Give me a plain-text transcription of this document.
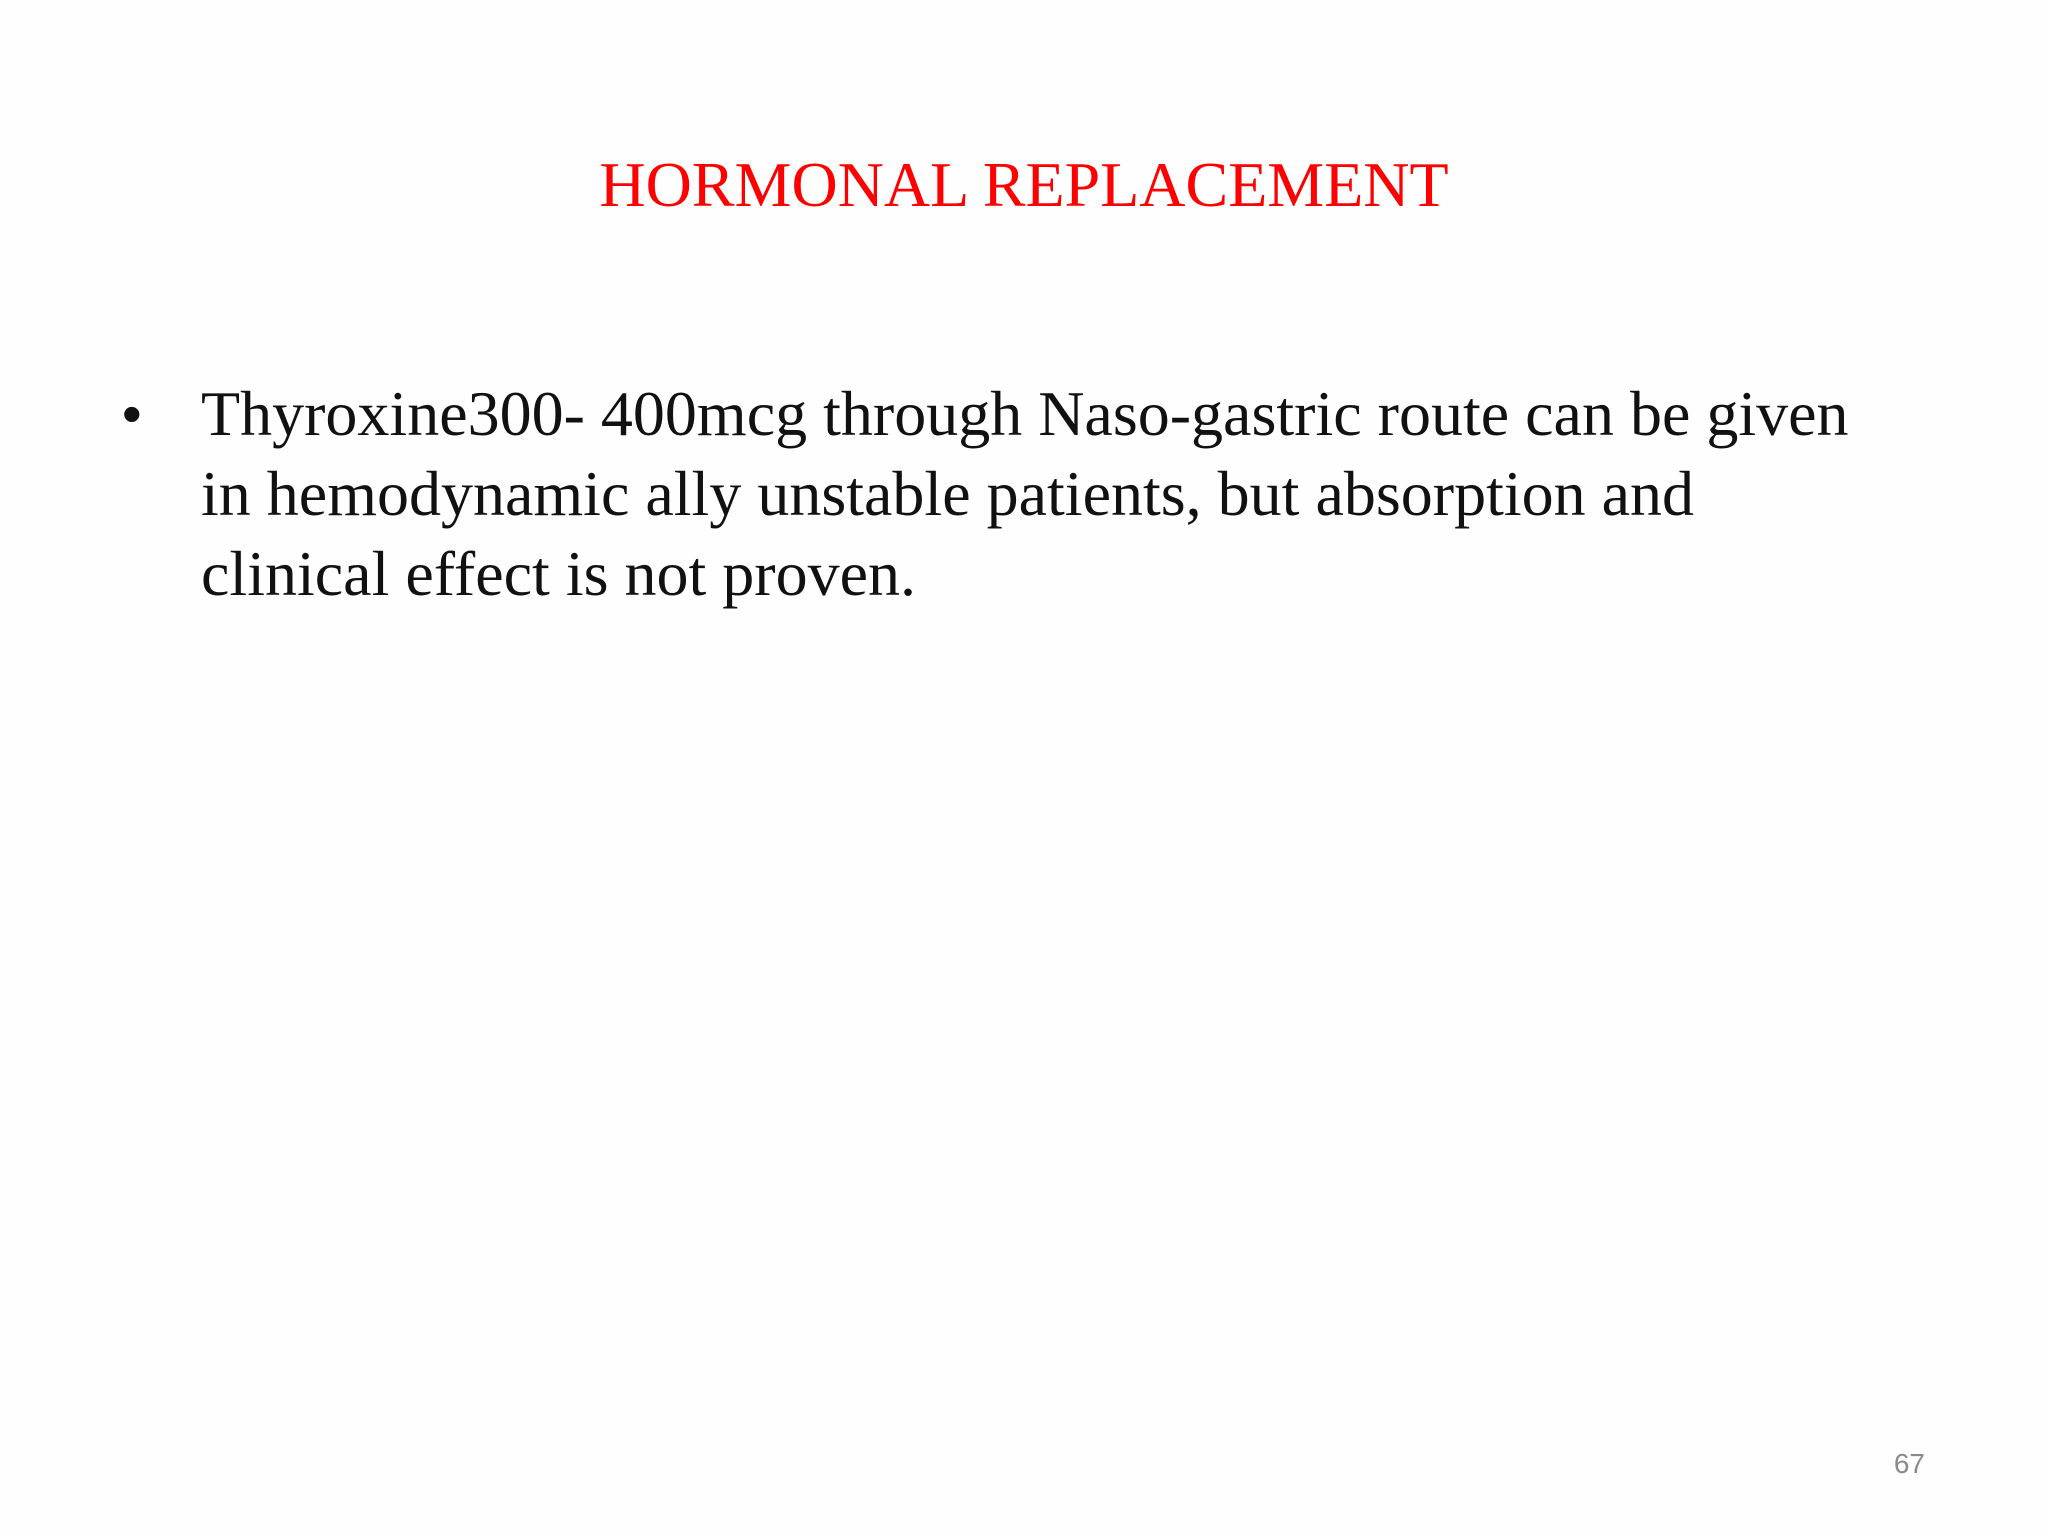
HORMONAL REPLACEMENT
• Thyroxine300- 400mcg through Naso-gastric route can be given in hemodynamic ally unstable patients, but absorption and clinical effect is not proven.
67
